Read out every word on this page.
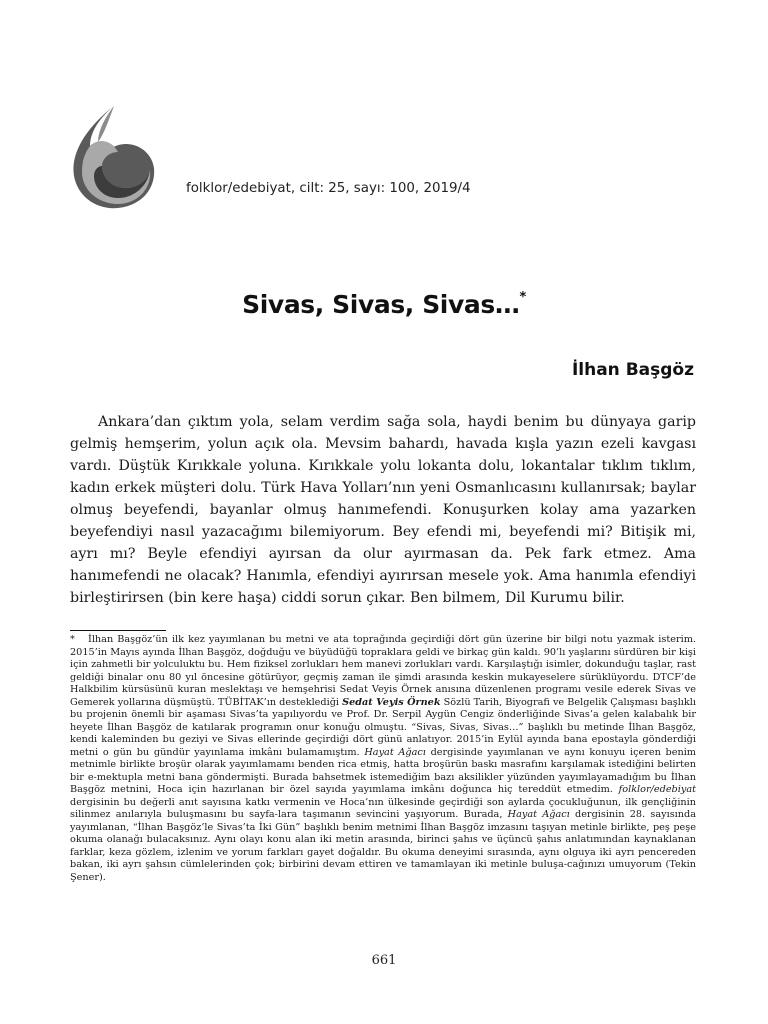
folklor/edebiyat, cilt: 25, sayı: 100, 2019/4
Sivas, Sivas, Sivas…*
İlhan Başgöz

Ankara’dan çıktım yola, selam verdim sağa sola, haydi benim bu dünyaya garip gelmiş hemşerim, yolun açık ola. Mevsim bahardı, havada kışla yazın ezeli kavgası vardı. Düştük Kırıkkale yoluna. Kırıkkale yolu lokanta dolu, lokantalar tıklım tıklım, kadın erkek müşteri dolu. Türk Hava Yolları’nın yeni Osmanlıcasını kullanırsak; baylar olmuş beyefendi, bayanlar olmuş hanımefendi. Konuşurken kolay ama yazarken beyefendiyi nasıl yazacağımı bilemiyorum. Bey efendi mi, beyefendi mi? Bitişik mi, ayrı mı? Beyle efendiyi ayırsan da olur ayırmasan da. Pek fark etmez. Ama hanımefendi ne olacak? Hanımla, efendiyi ayırırsan mesele yok. Ama hanımla efendiyi birleştirirsen (bin kere haşa) ciddi sorun çıkar. Ben bilmem, Dil Kurumu bilir.

* İlhan Başgöz’ün ilk kez yayımlanan bu metni ve ata toprağında geçirdiği dört gün üzerine bir bilgi notu yazmak isterim. 2015’in Mayıs ayında İlhan Başgöz, doğduğu ve büyüdüğü topraklara geldi ve birkaç gün kaldı. 90’lı yaşlarını sürdüren bir kişi için zahmetli bir yolculuktu bu. Hem fiziksel zorlukları hem manevi zorlukları vardı. Karşılaştığı isimler, dokunduğu taşlar, rast geldiği binalar onu 80 yıl öncesine götürüyor, geçmiş zaman ile şimdi arasında keskin mukayeselere sürüklüyordu. DTCF’de Halkbilim kürsüsünü kuran meslektaşı ve hemşehrisi Sedat Veyis Örnek anısına düzenlenen programı vesile ederek Sivas ve Gemerek yollarına düşmüştü. TÜBİTAK’ın desteklediği Sedat Veyis Örnek Sözlü Tarih, Biyografi ve Belgelik Çalışması başlıklı bu projenin önemli bir aşaması Sivas’ta yapılıyordu ve Prof. Dr. Serpil Aygün Cengiz önderliğinde Sivas’a gelen kalabalık bir heyete İlhan Başgöz de katılarak programın onur konuğu olmuştu. “Sivas, Sivas, Sivas…” başlıklı bu metinde İlhan Başgöz, kendi kaleminden bu geziyi ve Sivas ellerinde geçirdiği dört günü anlatıyor. 2015’in Eylül ayında bana epostayla gönderdiği metni o gün bu gündür yayınlama imkânı bulamamıştım. Hayat Ağacı dergisinde yayımlanan ve aynı konuyu içeren benim metnimle birlikte broşür olarak yayımlamamı benden rica etmiş, hatta broşürün baskı masrafını karşılamak istediğini belirten bir e-mektupla metni bana göndermişti. Burada bahsetmek istemediğim bazı aksilikler yüzünden yayımlayamadığım bu İlhan Başgöz metnini, Hoca için hazırlanan bir özel sayıda yayımlama imkânı doğunca hiç tereddüt etmedim. folklor/edebiyat dergisinin bu değerli anıt sayısına katkı vermenin ve Hoca’nın ülkesinde geçirdiği son aylarda çocukluğunun, ilk gençliğinin silinmez anılarıyla buluşmasını bu sayfa-lara taşımanın sevincini yaşıyorum. Burada, Hayat Ağacı dergisinin 28. sayısında yayımlanan, “İlhan Başgöz’le Sivas’ta İki Gün” başlıklı benim metnimi İlhan Başgöz imzasını taşıyan metinle birlikte, peş peşe okuma olanağı bulacaksınız. Aynı olayı konu alan iki metin arasında, birinci şahıs ve üçüncü şahıs anlatımından kaynaklanan farklar, keza gözlem, izlenim ve yorum farkları gayet doğaldır. Bu okuma deneyimi sırasında, aynı olguya iki ayrı pencereden bakan, iki ayrı şahsın cümlelerinden çok; birbirini devam ettiren ve tamamlayan iki metinle buluşa-cağınızı umuyorum (Tekin Şener).

661
